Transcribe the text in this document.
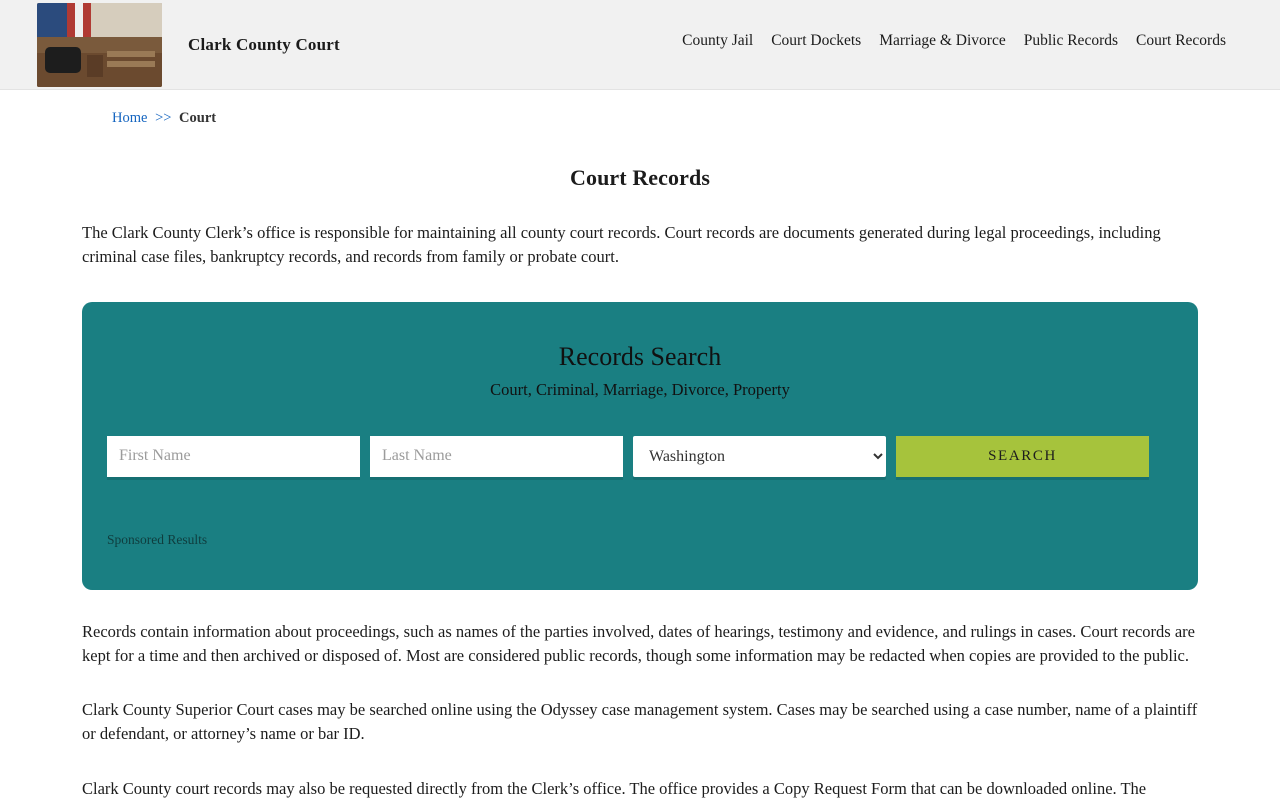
Clark County Court	County Jail	Court Dockets	Marriage & Divorce	Public Records	Court Records
Home >> Court
Court Records

The Clark County Clerk’s office is responsible for maintaining all county court records. Court records are documents generated during legal proceedings, including criminal case files, bankruptcy records, and records from family or probate court.

Records Search
Court, Criminal, Marriage, Divorce, Property
First Name
Last Name
Washington
SEARCH
Sponsored Results

Records contain information about proceedings, such as names of the parties involved, dates of hearings, testimony and evidence, and rulings in cases. Court records are kept for a time and then archived or disposed of. Most are considered public records, though some information may be redacted when copies are provided to the public.

Clark County Superior Court cases may be searched online using the Odyssey case management system. Cases may be searched using a case number, name of a plaintiff or defendant, or attorney’s name or bar ID.

Clark County court records may also be requested directly from the Clerk’s office. The office provides a Copy Request Form that can be downloaded online. The
